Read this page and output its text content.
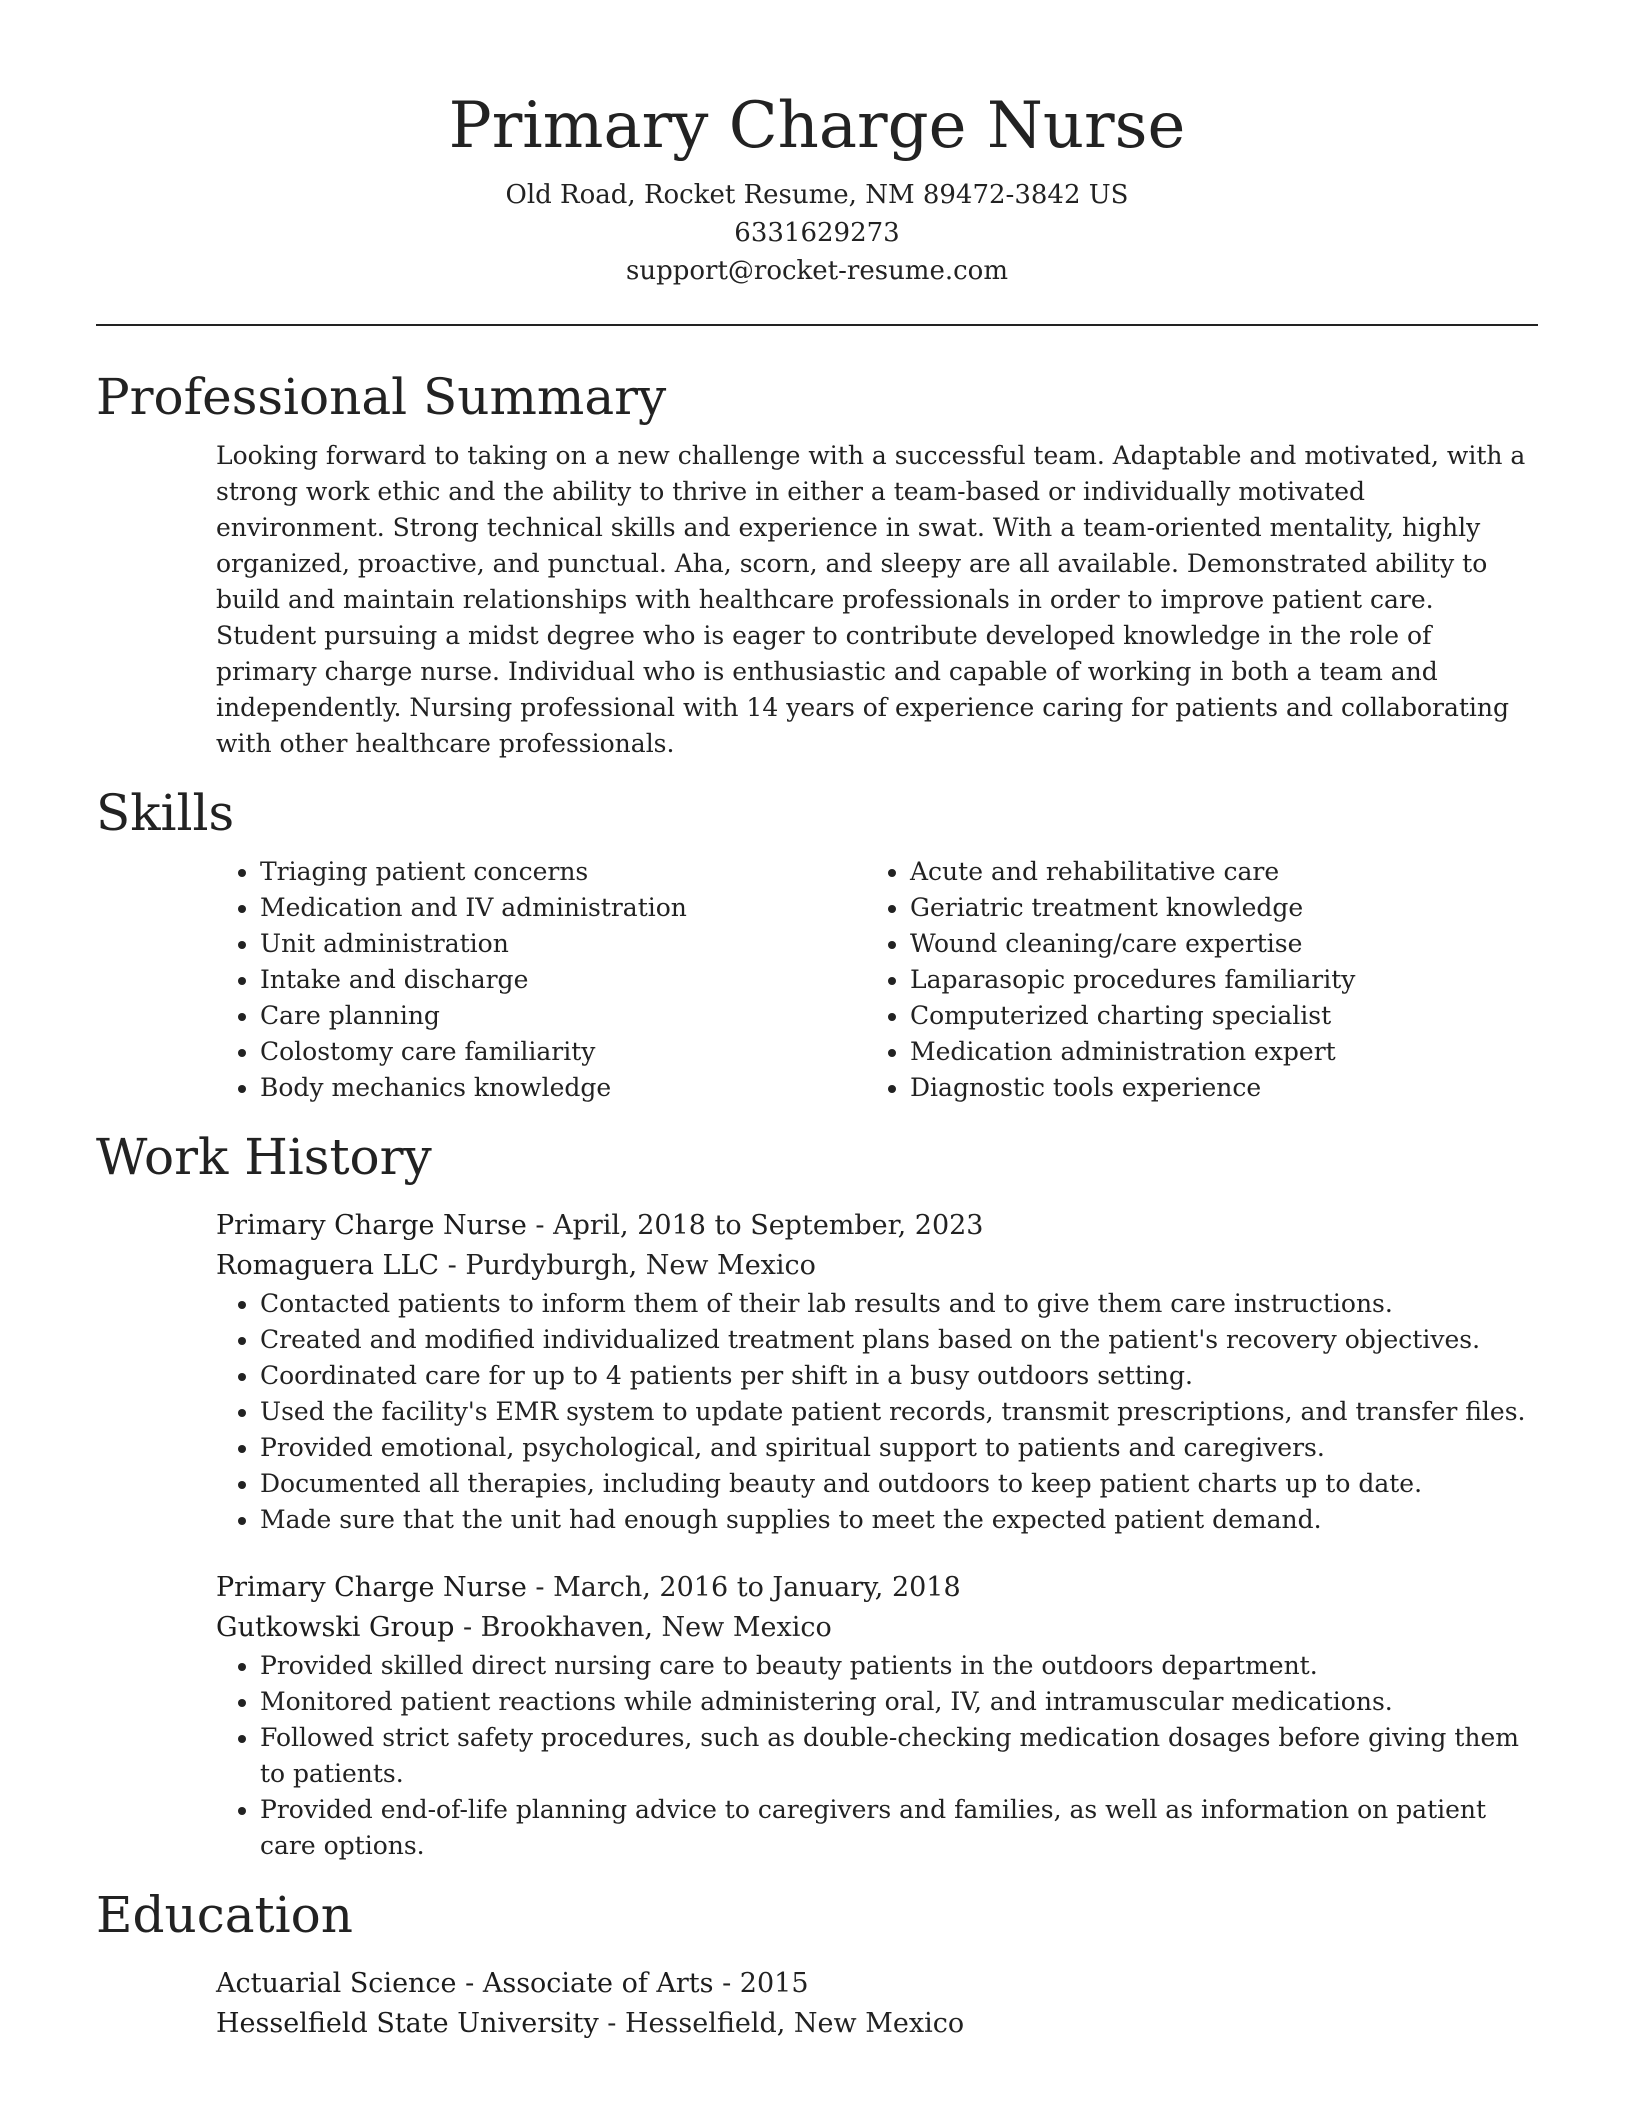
Primary Charge Nurse

Old Road, Rocket Resume, NM 89472-3842 US

6331629273

support@rocket-resume.com

Professional Summary

Looking forward to taking on a new challenge with a successful team. Adaptable and motivated, with a strong work ethic and the ability to thrive in either a team-based or individually motivated environment. Strong technical skills and experience in swat. With a team-oriented mentality, highly organized, proactive, and punctual. Aha, scorn, and sleepy are all available. Demonstrated ability to build and maintain relationships with healthcare professionals in order to improve patient care. Student pursuing a midst degree who is eager to contribute developed knowledge in the role of primary charge nurse. Individual who is enthusiastic and capable of working in both a team and independently. Nursing professional with 14 years of experience caring for patients and collaborating with other healthcare professionals.

Skills
• Triaging patient concerns
• Medication and IV administration
• Unit administration
• Intake and discharge
• Care planning
• Colostomy care familiarity
• Body mechanics knowledge
• Acute and rehabilitative care
• Geriatric treatment knowledge
• Wound cleaning/care expertise
• Laparasopic procedures familiarity
• Computerized charting specialist
• Medication administration expert
• Diagnostic tools experience
Work History

Primary Charge Nurse - April, 2018 to September, 2023

Romaguera LLC - Purdyburgh, New Mexico

• Contacted patients to inform them of their lab results and to give them care instructions.
• Created and modified individualized treatment plans based on the patient's recovery objectives.
• Coordinated care for up to 4 patients per shift in a busy outdoors setting.
• Used the facility's EMR system to update patient records, transmit prescriptions, and transfer files.
• Provided emotional, psychological, and spiritual support to patients and caregivers.
• Documented all therapies, including beauty and outdoors to keep patient charts up to date.
• Made sure that the unit had enough supplies to meet the expected patient demand.

Primary Charge Nurse - March, 2016 to January, 2018

Gutkowski Group - Brookhaven, New Mexico

• Provided skilled direct nursing care to beauty patients in the outdoors department.
• Monitored patient reactions while administering oral, IV, and intramuscular medications.
• Followed strict safety procedures, such as double-checking medication dosages before giving them to patients.
• Provided end-of-life planning advice to caregivers and families, as well as information on patient care options.
Education

Actuarial Science - Associate of Arts - 2015

Hesselfield State University - Hesselfield, New Mexico
